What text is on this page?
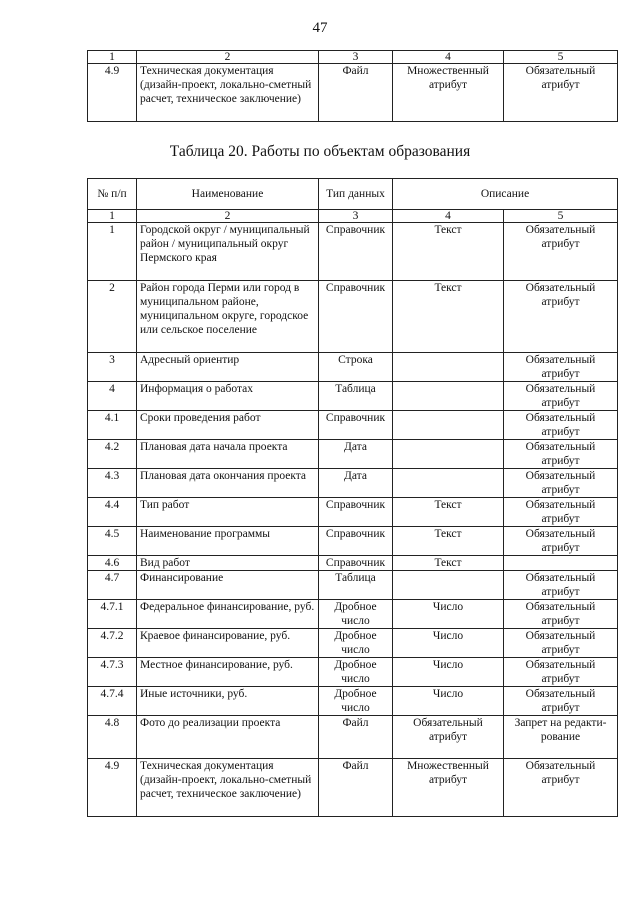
47
1	2	3	4	5
4.9	Техническая документация (дизайн-проект, локально-сметный расчет, техническое заключение)	Файл	Множественный атрибут	Обязательный атрибут
Таблица 20. Работы по объектам образования
№ п/п	Наименование	Тип данных	Описание	
1	2	3	4	5
1	Городской округ / муниципальный район / муниципальный округ Пермского края	Справочник	Текст	Обязательный атрибут
2	Район города Перми или город в муниципальном районе, муниципальном округе, городское или сельское поселение	Справочник	Текст	Обязательный атрибут
3	Адресный ориентир	Строка		Обязательный атрибут
4	Информация о работах	Таблица		Обязательный атрибут
4.1	Сроки проведения работ	Справочник		Обязательный атрибут
4.2	Плановая дата начала проекта	Дата		Обязательный атрибут
4.3	Плановая дата окончания проекта	Дата		Обязательный атрибут
4.4	Тип работ	Справочник	Текст	Обязательный атрибут
4.5	Наименование программы	Справочник	Текст	Обязательный атрибут
4.6	Вид работ	Справочник	Текст	
4.7	Финансирование	Таблица		Обязательный атрибут
4.7.1	Федеральное финансирование, руб.	Дробное число	Число	Обязательный атрибут
4.7.2	Краевое финансирование, руб.	Дробное число	Число	Обязательный атрибут
4.7.3	Местное финансирование, руб.	Дробное число	Число	Обязательный атрибут
4.7.4	Иные источники, руб.	Дробное число	Число	Обязательный атрибут
4.8	Фото до реализации проекта	Файл	Обязательный атрибут	Запрет на редакти-рование
4.9	Техническая документация (дизайн-проект, локально-сметный расчет, техническое заключение)	Файл	Множественный атрибут	Обязательный атрибут
